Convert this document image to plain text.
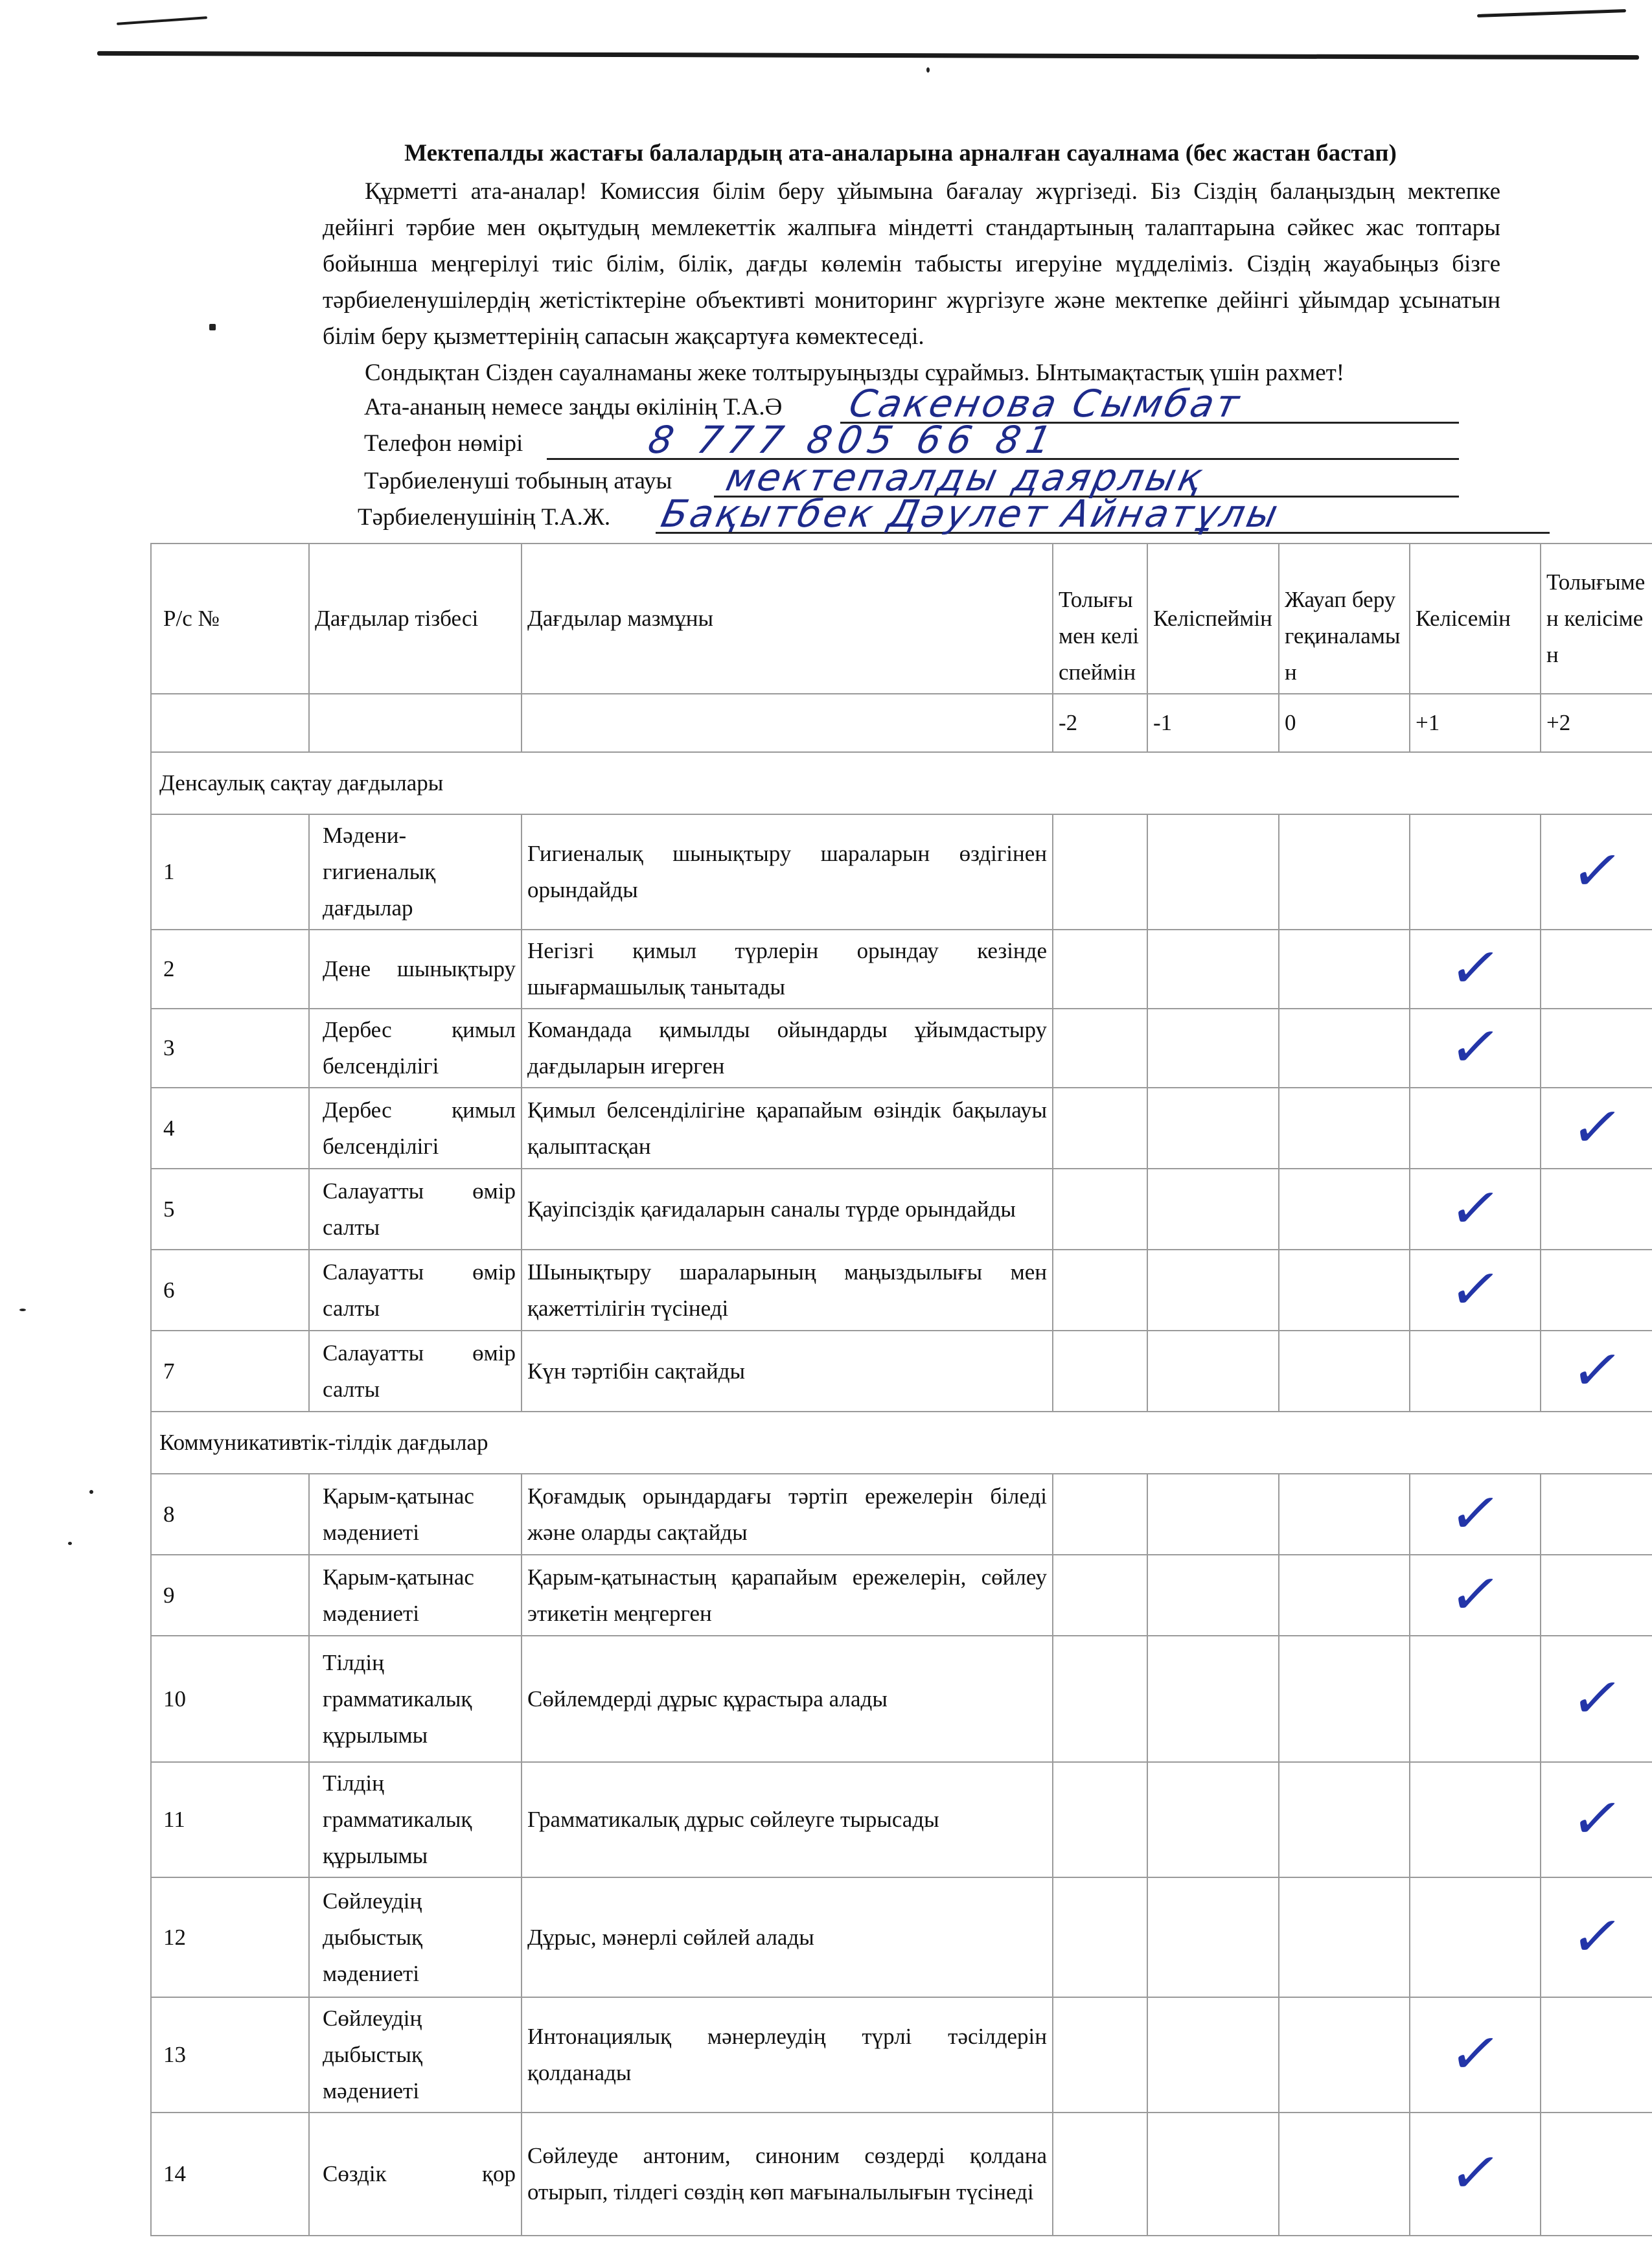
Мектепалды жастағы балалардың ата-аналарына арналған сауалнама (бес жастан бастап)

Құрметті ата-аналар! Комиссия білім беру ұйымына бағалау жүргізеді. Біз Сіздің балаңыздың мектепке дейінгі тәрбие мен оқытудың мемлекеттік жалпыға міндетті стандартының талаптарына сәйкес жас топтары бойынша меңгерілуі тиіс білім, білік, дағды көлемін табысты игеруіне мүдделіміз. Сіздің жауабыңыз бізге тәрбиеленушілердің жетістіктеріне объективті мониторинг жүргізуге және мектепке дейінгі ұйымдар ұсынатын білім беру қызметтерінің сапасын жақсартуға көмектеседі.

Сондықтан Сізден сауалнаманы жеке толтыруыңызды сұраймыз. Ынтымақтастық үшін рахмет!

Ата-ананың немесе заңды өкілінің Т.А.Ә Сакенова Сымбат
Телефон нөмірі	8 777 805 66 81
Тәрбиеленуші тобының атауы мектепалды даярлық
Тәрбиеленушінің Т.А.Ж. Бақытбек Дәулет Айнатұлы
Р/с №	Дағдылар тізбесі	Дағдылар мазмұны	Толығымен келіспеймін	Келіспеймін	Жауап беругеқиналамын	Келісемін	Толығымен келісімен
			-2	-1	0	+1	+2
Денсаулық сақтау дағдылары							
1	Мәдени-гигиеналық дағдылар	Гигиеналық шынықтыру шараларын өздігінен орындайды					✓
2	Дене шынықтыру	Негізгі қимыл түрлерін орындау кезінде шығармашылық танытады				✓	
3	Дербес қимыл белсенділігі	Командада қимылды ойындарды ұйымдастыру дағдыларын игерген				✓	
4	Дербес қимыл белсенділігі	Қимыл белсенділігіне қарапайым өзіндік бақылауы қалыптасқан					✓
5	Салауатты өмір салты	Қауіпсіздік қағидаларын саналы түрде орындайды				✓	
6	Салауатты өмір салты	Шынықтыру шараларының маңыздылығы мен қажеттілігін түсінеді				✓	
7	Салауатты өмір салты	Күн тәртібін сақтайды					✓
Коммуникативтік-тілдік дағдылар							
8	Қарым-қатынас мәдениеті	Қоғамдық орындардағы тәртіп ережелерін біледі және оларды сақтайды				✓	
9	Қарым-қатынас мәдениеті	Қарым-қатынастың қарапайым ережелерін, сөйлеу этикетін меңгерген				✓	
10	Тілдің грамматикалық құрылымы	Сөйлемдерді дұрыс құрастыра алады					✓
11	Тілдің грамматикалық құрылымы	Грамматикалық дұрыс сөйлеуге тырысады					✓
12	Сөйлеудің дыбыстық мәдениеті	Дұрыс, мәнерлі сөйлей алады					✓
13	Сөйлеудің дыбыстық мәдениеті	Интонациялық мәнерлеудің түрлі тәсілдерін қолданады				✓	
14	Сөздік қор	Сөйлеуде антоним, синоним сөздерді қолдана отырып, тілдегі сөздің көп мағыналылығын түсінеді				✓	
